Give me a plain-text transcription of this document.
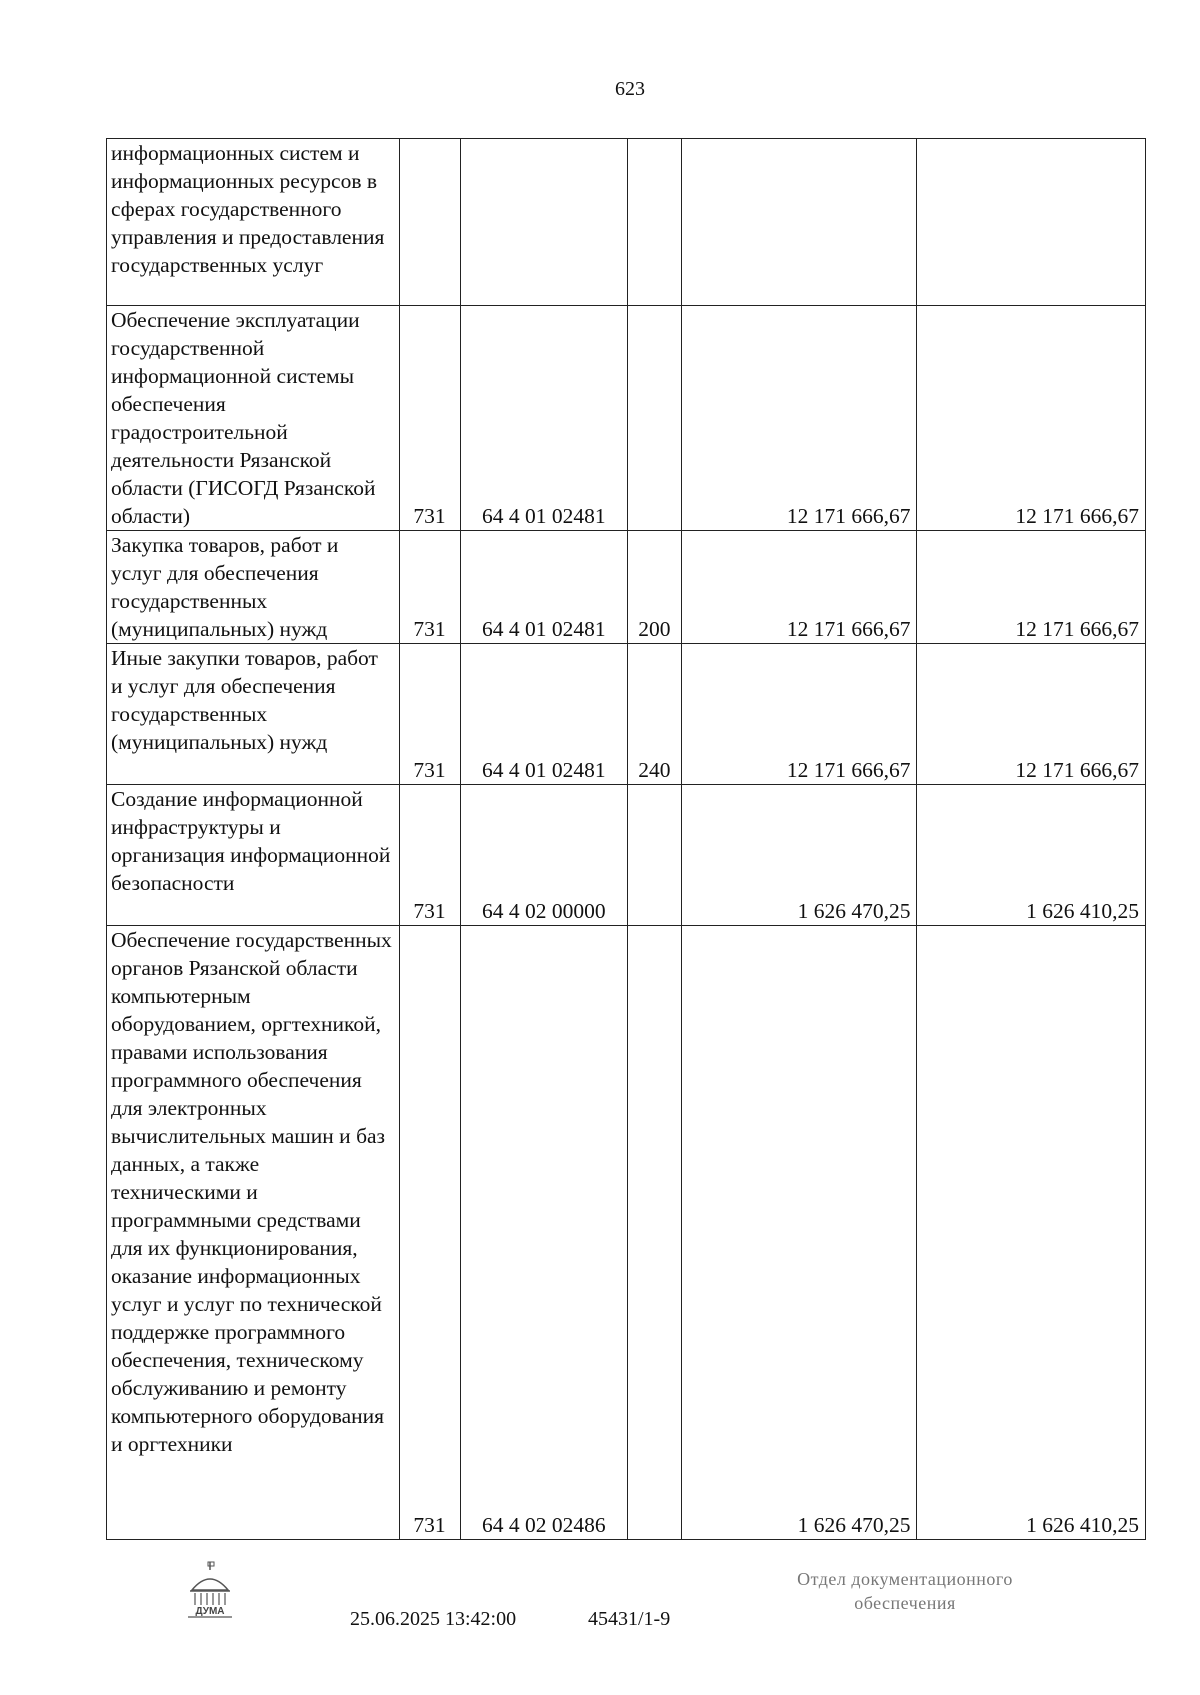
623
информационных систем и информационных ресурсов в сферах государственного управления и предоставления государственных услуг					
Обеспечение эксплуатации государственной информационной системы обеспечения градостроительной деятельности Рязанской области (ГИСОГД Рязанской области)	731	64 4 01 02481		12 171 666,67	12 171 666,67
Закупка товаров, работ и услуг для обеспечения государственных (муниципальных) нужд	731	64 4 01 02481	200	12 171 666,67	12 171 666,67
Иные закупки товаров, работ и услуг для обеспечения государственных (муниципальных) нужд	731	64 4 01 02481	240	12 171 666,67	12 171 666,67
Создание информационной инфраструктуры и организация информационной безопасности	731	64 4 02 00000		1 626 470,25	1 626 410,25
Обеспечение государственных органов Рязанской области компьютерным оборудованием, оргтехникой, правами использования программного обеспечения для электронных вычислительных машин и баз данных, а также техническими и программными средствами для их функционирования, оказание информационных услуг и услуг по технической поддержке программного обеспечения, техническому обслуживанию и ремонту компьютерного оборудования и оргтехники	731	64 4 02 02486		1 626 470,25	1 626 410,25
ДУМА	25.06.2025 13:42:00	45431/1-9
Отдел документационного
обеспечения
